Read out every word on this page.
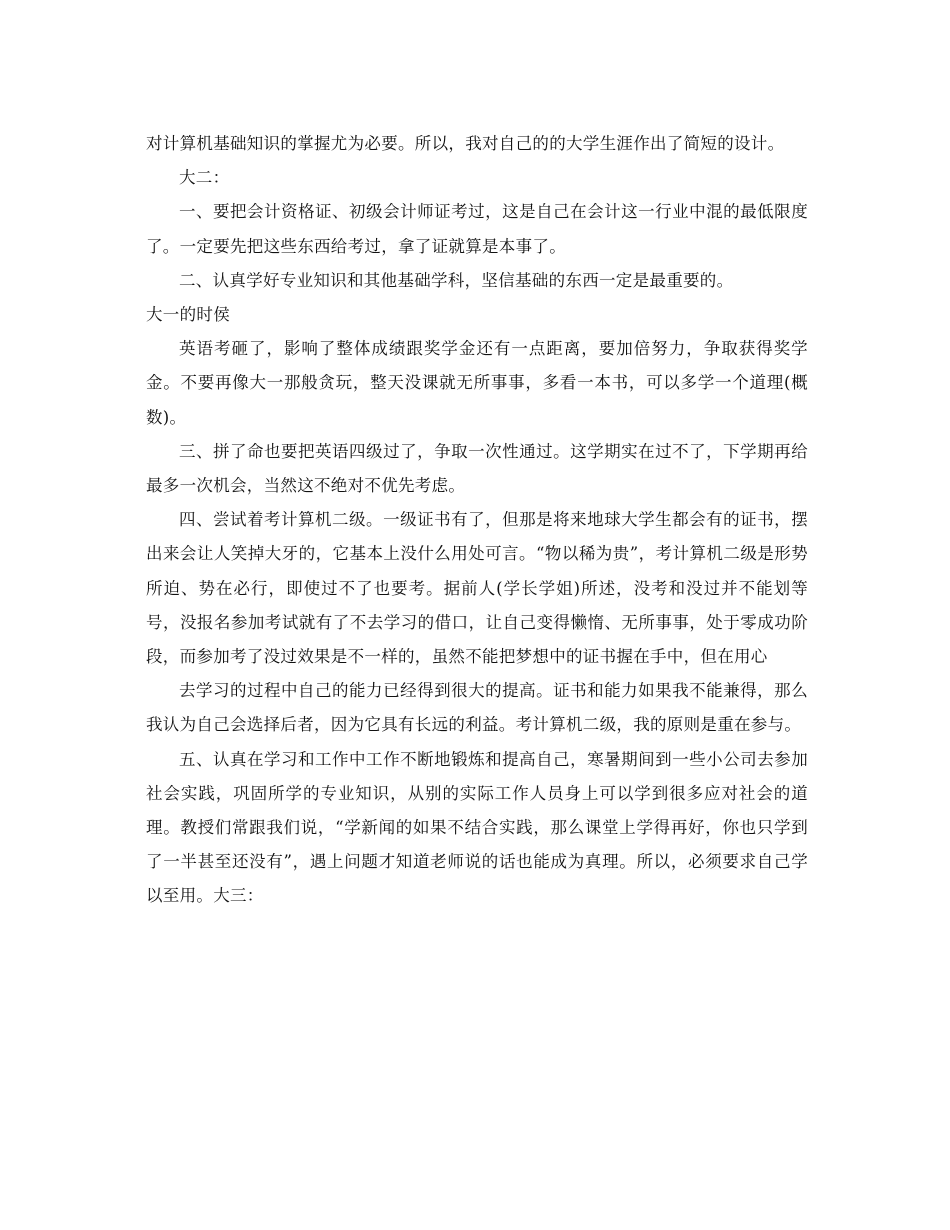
对计算机基础知识的掌握尤为必要。所以，我对自己的的大学生涯作出了简短的设计。

大二：

一、要把会计资格证、初级会计师证考过，这是自己在会计这一行业中混的最低限度了。一定要先把这些东西给考过，拿了证就算是本事了。

二、认真学好专业知识和其他基础学科，坚信基础的东西一定是最重要的。

大一的时侯

英语考砸了，影响了整体成绩跟奖学金还有一点距离，要加倍努力，争取获得奖学金。不要再像大一那般贪玩，整天没课就无所事事，多看一本书，可以多学一个道理(概数)。

三、拼了命也要把英语四级过了，争取一次性通过。这学期实在过不了，下学期再给最多一次机会，当然这不绝对不优先考虑。

四、尝试着考计算机二级。一级证书有了，但那是将来地球大学生都会有的证书，摆出来会让人笑掉大牙的，它基本上没什么用处可言。“物以稀为贵”，考计算机二级是形势所迫、势在必行，即使过不了也要考。据前人(学长学姐)所述，没考和没过并不能划等号，没报名参加考试就有了不去学习的借口，让自己变得懒惰、无所事事，处于零成功阶段，而参加考了没过效果是不一样的，虽然不能把梦想中的证书握在手中，但在用心

去学习的过程中自己的能力已经得到很大的提高。证书和能力如果我不能兼得，那么我认为自己会选择后者，因为它具有长远的利益。考计算机二级，我的原则是重在参与。

五、认真在学习和工作中工作不断地锻炼和提高自己，寒暑期间到一些小公司去参加社会实践，巩固所学的专业知识，从别的实际工作人员身上可以学到很多应对社会的道理。教授们常跟我们说，“学新闻的如果不结合实践，那么课堂上学得再好，你也只学到了一半甚至还没有”，遇上问题才知道老师说的话也能成为真理。所以，必须要求自己学以至用。大三：
